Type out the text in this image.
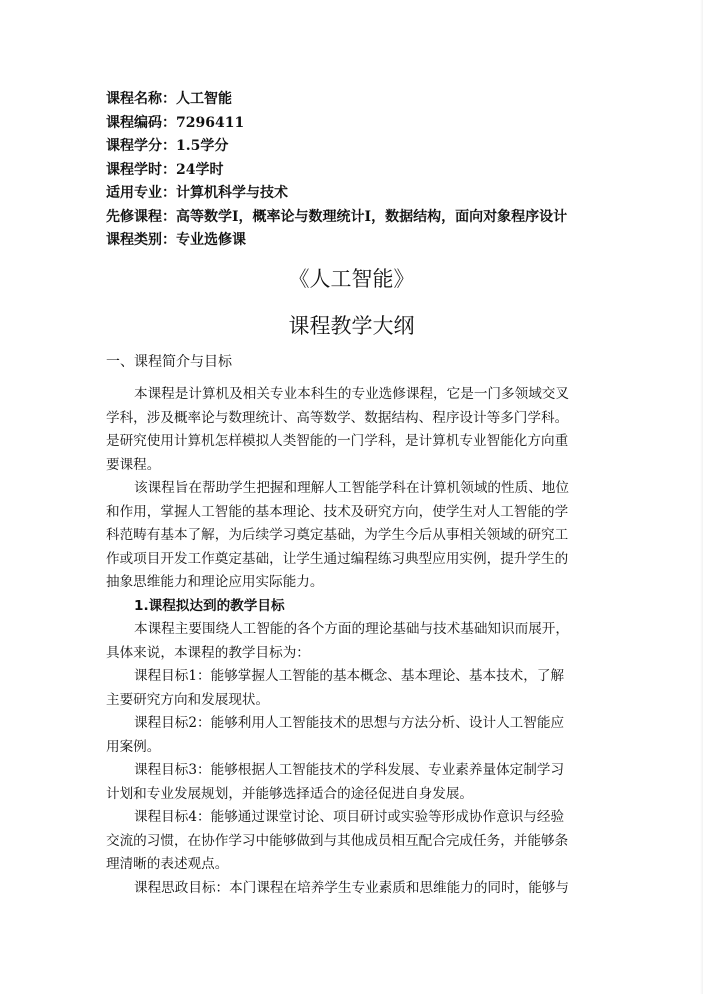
课程名称：人工智能
课程编码：7296411
课程学分：1.5学分
课程学时：24学时
适用专业：计算机科学与技术
先修课程：高等数学Ⅰ，概率论与数理统计Ⅰ，数据结构，面向对象程序设计
课程类别：专业选修课
《人工智能》
课程教学大纲
一、课程简介与目标
本课程是计算机及相关专业本科生的专业选修课程，它是一门多领域交叉
学科，涉及概率论与数理统计、高等数学、数据结构、程序设计等多门学科。
是研究使用计算机怎样模拟人类智能的一门学科，是计算机专业智能化方向重
要课程。
该课程旨在帮助学生把握和理解人工智能学科在计算机领域的性质、地位
和作用，掌握人工智能的基本理论、技术及研究方向，使学生对人工智能的学
科范畴有基本了解，为后续学习奠定基础，为学生今后从事相关领域的研究工
作或项目开发工作奠定基础，让学生通过编程练习典型应用实例，提升学生的
抽象思维能力和理论应用实际能力。
1.课程拟达到的教学目标
本课程主要围绕人工智能的各个方面的理论基础与技术基础知识而展开，
具体来说，本课程的教学目标为：
课程目标1：能够掌握人工智能的基本概念、基本理论、基本技术，了解
主要研究方向和发展现状。
课程目标2：能够利用人工智能技术的思想与方法分析、设计人工智能应
用案例。
课程目标3：能够根据人工智能技术的学科发展、专业素养量体定制学习
计划和专业发展规划，并能够选择适合的途径促进自身发展。
课程目标4：能够通过课堂讨论、项目研讨或实验等形成协作意识与经验
交流的习惯，在协作学习中能够做到与其他成员相互配合完成任务，并能够条
理清晰的表述观点。
课程思政目标：本门课程在培养学生专业素质和思维能力的同时，能够与
